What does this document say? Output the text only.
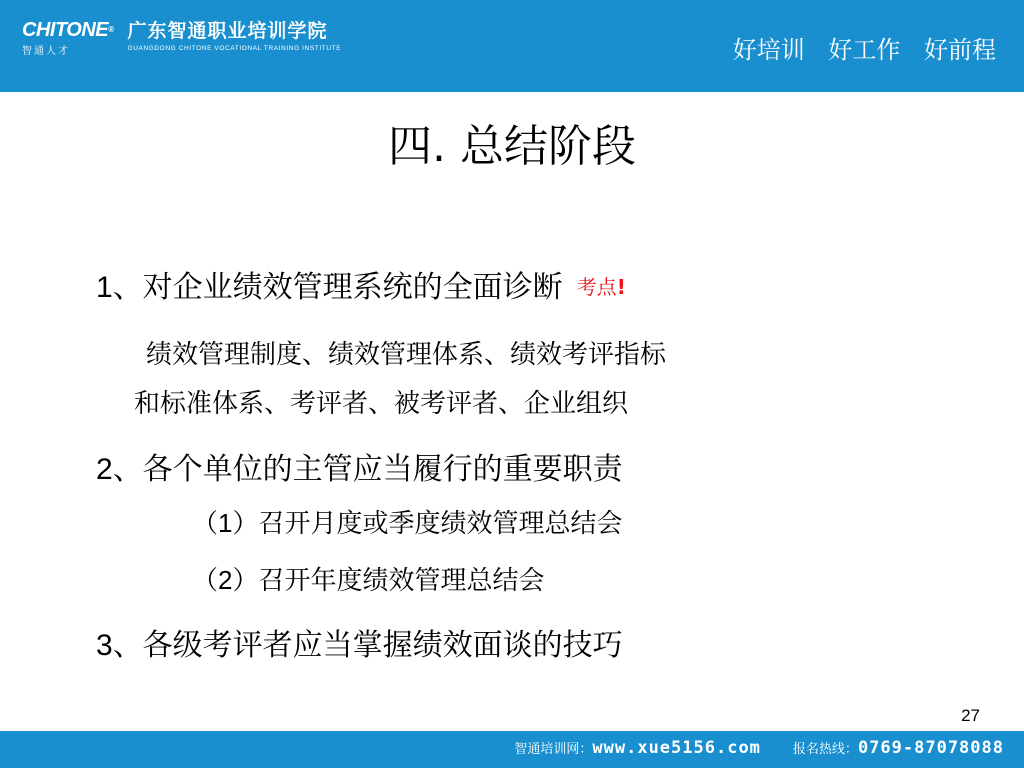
CHITONE®
智通人才
广东智通职业培训学院
GUANGDONG CHITONE VOCATIONAL TRAINING INSTITUTE	好培训 好工作 好前程
四. 总结阶段
1、对企业绩效管理系统的全面诊断 考点!
绩效管理制度、绩效管理体系、绩效考评指标
和标准体系、考评者、被考评者、企业组织
2、各个单位的主管应当履行的重要职责
（1）召开月度或季度绩效管理总结会
（2）召开年度绩效管理总结会
3、各级考评者应当掌握绩效面谈的技巧
27
智通培训网：www.xue5156.com 报名热线：0769-87078088
